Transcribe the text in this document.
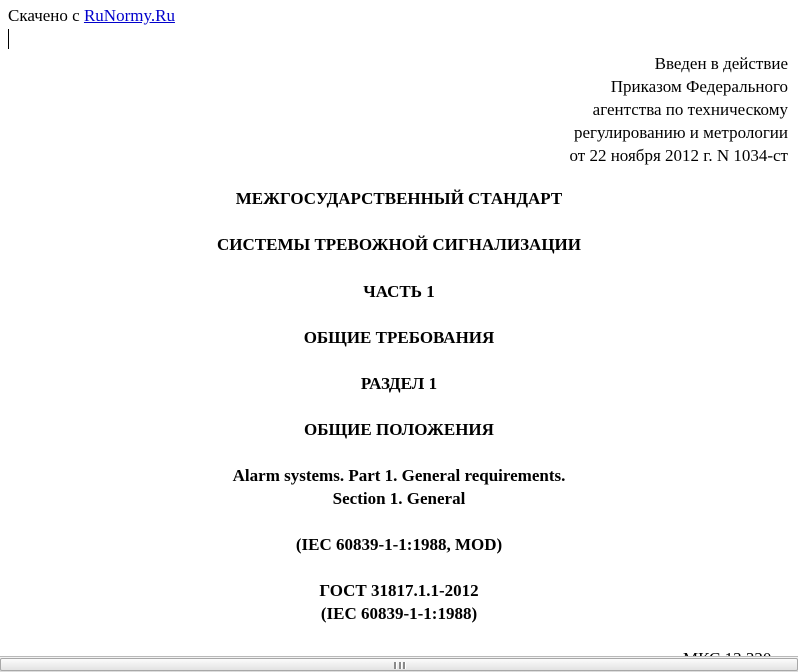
Скачено с RuNormy.Ru
Введен в действие
Приказом Федерального
агентства по техническому
регулированию и метрологии
от 22 ноября 2012 г. N 1034-ст
МЕЖГОСУДАРСТВЕННЫЙ СТАНДАРТ
СИСТЕМЫ ТРЕВОЖНОЙ СИГНАЛИЗАЦИИ
ЧАСТЬ 1
ОБЩИЕ ТРЕБОВАНИЯ
РАЗДЕЛ 1
ОБЩИЕ ПОЛОЖЕНИЯ
Alarm systems. Part 1. General requirements.
Section 1. General
(IEC 60839-1-1:1988, MOD)
ГОСТ 31817.1.1-2012
(IEC 60839-1-1:1988)
